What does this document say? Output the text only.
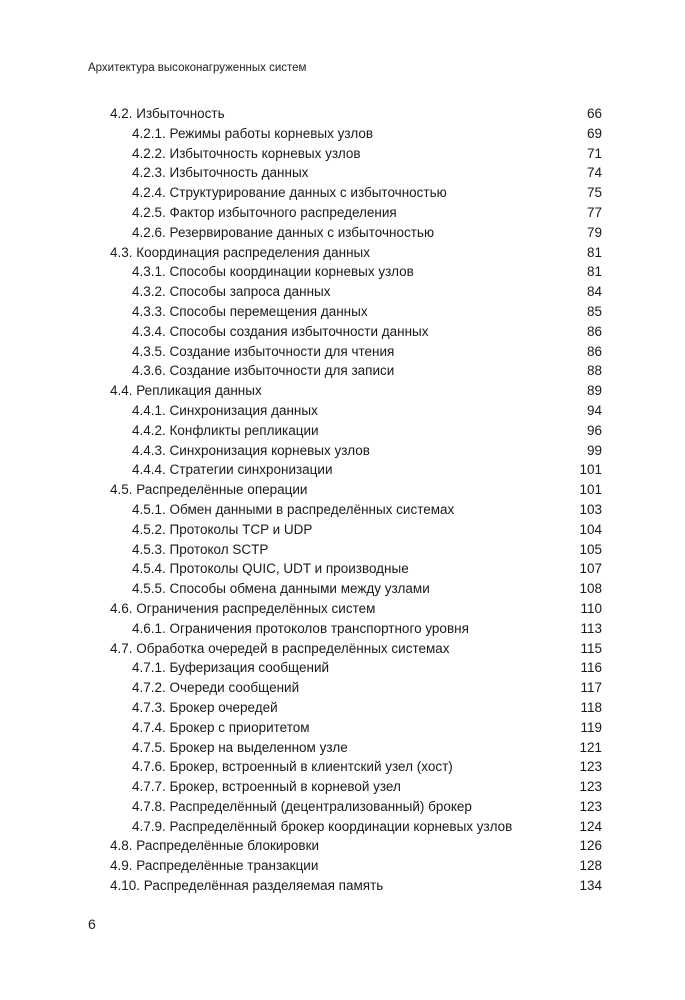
Архитектура высоконагруженных систем
4.2. Избыточность	66
4.2.1. Режимы работы корневых узлов	69
4.2.2. Избыточность корневых узлов	71
4.2.3. Избыточность данных	74
4.2.4. Структурирование данных с избыточностью	75
4.2.5. Фактор избыточного распределения	77
4.2.6. Резервирование данных с избыточностью	79
4.3. Координация распределения данных	81
4.3.1. Способы координации корневых узлов	81
4.3.2. Способы запроса данных	84
4.3.3. Способы перемещения данных	85
4.3.4. Способы создания избыточности данных	86
4.3.5. Создание избыточности для чтения	86
4.3.6. Создание избыточности для записи	88
4.4. Репликация данных	89
4.4.1. Синхронизация данных	94
4.4.2. Конфликты репликации	96
4.4.3. Синхронизация корневых узлов	99
4.4.4. Стратегии синхронизации	101
4.5. Распределённые операции	101
4.5.1. Обмен данными в распределённых системах	103
4.5.2. Протоколы TCP и UDP	104
4.5.3. Протокол SCTP	105
4.5.4. Протоколы QUIC, UDT и производные	107
4.5.5. Способы обмена данными между узлами	108
4.6. Ограничения распределённых систем	110
4.6.1. Ограничения протоколов транспортного уровня	113
4.7. Обработка очередей в распределённых системах	115
4.7.1. Буферизация сообщений	116
4.7.2. Очереди сообщений	117
4.7.3. Брокер очередей	118
4.7.4. Брокер с приоритетом	119
4.7.5. Брокер на выделенном узле	121
4.7.6. Брокер, встроенный в клиентский узел (хост)	123
4.7.7. Брокер, встроенный в корневой узел	123
4.7.8. Распределённый (децентрализованный) брокер	123
4.7.9. Распределённый брокер координации корневых узлов	124
4.8. Распределённые блокировки	126
4.9. Распределённые транзакции	128
4.10. Распределённая разделяемая память	134
6
